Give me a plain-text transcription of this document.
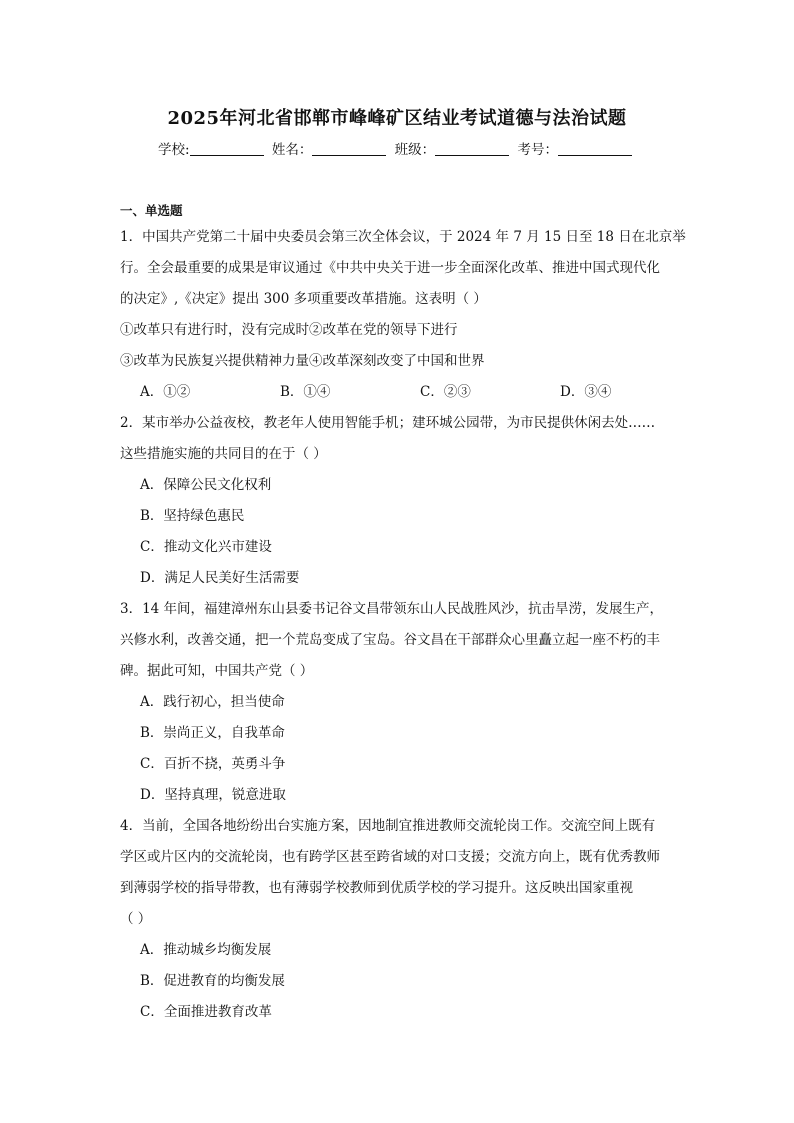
2025年河北省邯郸市峰峰矿区结业考试道德与法治试题
学校:	姓名：	班级：	考号：
一、单选题
1．中国共产党第二十届中央委员会第三次全体会议，于 2024 年 7 月 15 日至 18 日在北京举
行。全会最重要的成果是审议通过《中共中央关于进一步全面深化改革、推进中国式现代化
的决定》,《决定》提出 300 多项重要改革措施。这表明（ ）
①改革只有进行时，没有完成时②改革在党的领导下进行
③改革为民族复兴提供精神力量④改革深刻改变了中国和世界
A．①②	B．①④	C．②③	D．③④
2．某市举办公益夜校，教老年人使用智能手机；建环城公园带，为市民提供休闲去处……
这些措施实施的共同目的在于（ ）
A．保障公民文化权利
B．坚持绿色惠民
C．推动文化兴市建设
D．满足人民美好生活需要
3．14 年间，福建漳州东山县委书记谷文昌带领东山人民战胜风沙，抗击旱涝，发展生产，
兴修水利，改善交通，把一个荒岛变成了宝岛。谷文昌在干部群众心里矗立起一座不朽的丰
碑。据此可知，中国共产党（ ）
A．践行初心，担当使命
B．崇尚正义，自我革命
C．百折不挠，英勇斗争
D．坚持真理，锐意进取
4．当前，全国各地纷纷出台实施方案，因地制宜推进教师交流轮岗工作。交流空间上既有
学区或片区内的交流轮岗，也有跨学区甚至跨省域的对口支援；交流方向上，既有优秀教师
到薄弱学校的指导带教，也有薄弱学校教师到优质学校的学习提升。这反映出国家重视
（ ）
A．推动城乡均衡发展
B．促进教育的均衡发展
C．全面推进教育改革
